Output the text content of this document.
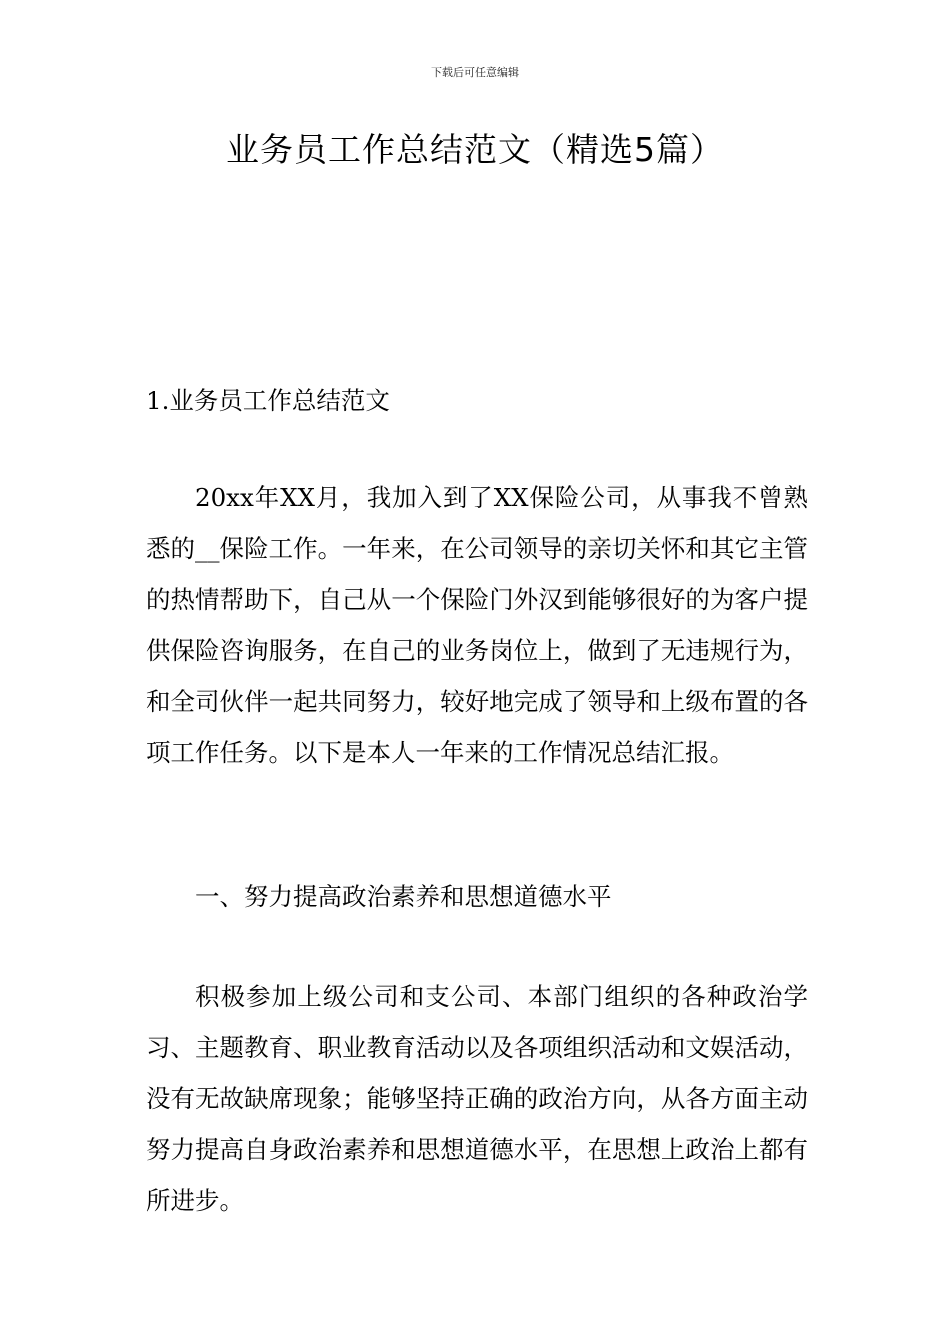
下载后可任意编辑
业务员工作总结范文（精选5篇）

1.业务员工作总结范文

20xx年XX月，我加入到了XX保险公司，从事我不曾熟悉的__保险工作。一年来，在公司领导的亲切关怀和其它主管的热情帮助下，自己从一个保险门外汉到能够很好的为客户提供保险咨询服务，在自己的业务岗位上，做到了无违规行为，和全司伙伴一起共同努力，较好地完成了领导和上级布置的各项工作任务。以下是本人一年来的工作情况总结汇报。

一、努力提高政治素养和思想道德水平

积极参加上级公司和支公司、本部门组织的各种政治学习、主题教育、职业教育活动以及各项组织活动和文娱活动，没有无故缺席现象；能够坚持正确的政治方向，从各方面主动努力提高自身政治素养和思想道德水平，在思想上政治上都有所进步。
